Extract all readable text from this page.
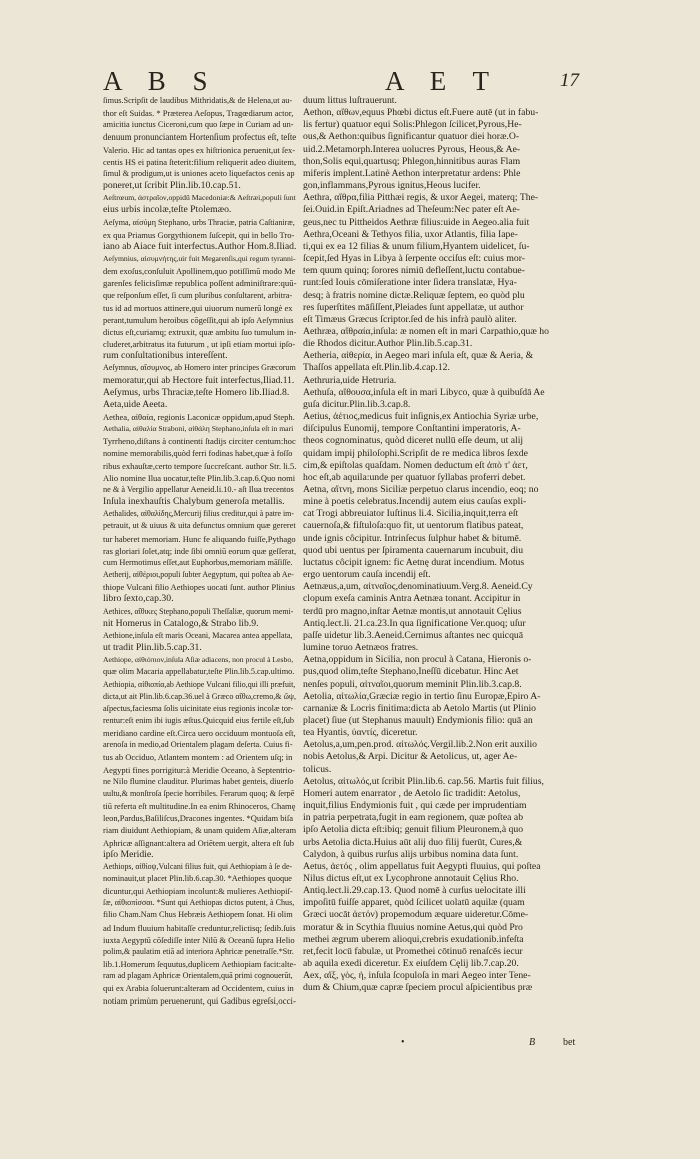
A B S	A E T	17

ſimus.Scripſit de laudibus Mithridatis,& de Helena,ut au-

thor eſt Suidas. * Præterea Aeſopus, Tragœdiarum actor,

amicitia iunctus Ciceroni,cum quo ſæpe in Curiam ad un-

denuum pronunciantem Hortenſium profectus eſt, teſte

Valerio. Hic ad tantas opes ex hiſtrionica peruenit,ut ſex-

centis HS ei patina ſteterit:filium reliquerit adeo diuitem,

ſimul & prodigum,ut is uniones aceto liquefactos cenis ap

poneret,ut ſcribit Plin.lib.10.cap.51.

Aeſtrœum, ἀστραῖον,oppidū Macedoniæ:& Aeſtræi,populi ſunt

eius urbis incolæ,teſte Ptolemæo.

Aeſyma, αἰσύμη Stephano, urbs Thraciæ, patria Caſtianiræ,

ex qua Priamus Gorgythionem ſuſcepit, qui in bello Tro-

iano ab Aiace fuit interfectus.Author Hom.8.Iliad.

Aeſymnius, αἰσυμνήτης,uir fuit Megarenſis,qui regum tyranni-

dem exoſus,conſuluit Apollinem,quo potiſſimū modo Me

garenſes felicisſimæ republica poſſent adminiſtrare:quū-

que reſponſum eſſet, ſi cum pluribus conſultarent, arbitra-

tus id ad mortuos attinere,qui uiuorum numerū longè ex

perant,tumulum heroibus cōgeſſit,qui ab ipſo Aeſymnius

dictus eſt,curiamq; extruxit, quæ ambitu ſuo tumulum in-

cluderet,arbitratus ita futurum , ut ipſi etiam mortui ipſo-

rum conſultationibus intereſſent.

Aeſymnus, αἴσυμνος, ab Homero inter principes Græcorum

memoratur,qui ab Hectore fuit interfectus,Iliad.11.

Aeſymus, urbs Thraciæ,teſte Homero lib.Iliad.8.

Aeta,uide Aeeta.

Aethea, αἰθαία, regionis Laconicæ oppidum,apud Steph.

Aethalia, αἰθαλία Straboni, αἰθάλη Stephano,inſula eſt in mari

Tyrrheno,diſtans à continenti ſtadijs circiter centum:hoc

nomine memorabilis,quòd ferri fodinas habet,quæ à foſſo

ribus exhauſtæ,certo tempore ſuccreſcant. author Str. li.5.

Alio nomine Ilua uocatur,teſte Plin.lib.3.cap.6.Quo nomi

ne & à Vergilio appellatur Aeneid.li.10.- aſt Ilua trecentos

Inſula inexhauſtis Chalybum generoſa metallis.

Aethalides, αἰθαλίδης,Mercurij filius creditur,qui à patre im-

petrauit, ut & uiuus & uita defunctus omnium quæ gereret

tur haberet memoriam. Hunc fe aliquando fuiſſe,Pythago

ras gloriari ſolet,atq; inde ſibi omniū eorum quæ geſſerat,

cum Hermotimus eſſet,aut Euphorbus,memoriam māſiſſe.

Aetherij, αἰθέριοι,populi ſubter Aegyptum, qui poſtea ab Ae-

thiope Vulcani filio Aethiopes uocati ſunt. author Plinius

libro ſexto,cap.30.

Aethices, αἴθικες Stephano,populi Theſſaliæ, quorum memi-

nit Homerus in Catalogo,& Strabo lib.9.

Aethione,inſula eſt maris Oceani, Macarea antea appellata,

ut tradit Plin.lib.5.cap.31.

Aethiope, αἰθιόπιον,inſula Aſiæ adiacens, non procul à Lesbo,

quæ olim Macaria appellabatur,teſte Plin.lib.5.cap.ultimo.

Aethiopia, αἰθιοπία,ab Aethiope Vulcani filio,qui illi præfuit,

dicta,ut ait Plin.lib.6.cap.36.uel à Græco αἴθω,cremo,& ὤψ,

aſpectus,faciesma ſolis uicinitate eius regionis incolæ tor-

rentur:eſt enim ibi iugis æſtus.Quicquid eius fertile eſt,ſub

meridiano cardine eſt.Circa uero occiduum montuoſa eſt,

arenoſa in medio,ad Orientalem plagam deſerta. Cuius fi-

tus ab Occiduo, Atlantem montem : ad Orientem uſq; in

Aegypti fines porrigitur:à Meridie Oceano, à Septentrio-

ne Nilo flumine clauditur. Plurimas habet genteis, diuerſo

uultu,& monſtroſa ſpecie horribiles. Ferarum quoq; & ſerpē

tiū referta eſt multitudine.In ea enim Rhinoceros, Chamę

leon,Pardus,Baſiliſcus,Dracones ingentes. *Quidam biſa

riam diuidunt Aethiopiam, & unam quidem Aſiæ,alteram

Aphricæ aſſignant:altera ad Oriētem uergit, altera eſt ſub

ipſo Meridie.

Aethiops, αἰθίοψ,Vulcani filius fuit, qui Aethiopiam à ſe de-

nominauit,ut placet Plin.lib.6.cap.30. *Aethiopes quoque

dicuntur,qui Aethiopiam incolunt:& mulieres Aethiopiſ-

ſæ, αἰθιοπίσσαι. *Sunt qui Aethiopas dictos putent, à Chus,

filio Cham.Nam Chus Hebræis Aethiopem ſonat. Hi olim

ad Indum fluuium habitaſſe creduntur,relictisq; ſedib.ſuis

iuxta Aegyptū cōſediſſe inter Nilū & Oceanū ſupra Helio

polim,& paulatim etiā ad interiora Aphricæ penetraſſe.*Str.

lib.1.Homerum ſequutus,duplicem Aethiopiam facit:alte-

ram ad plagam Aphricæ Orientalem,quā primi cognouerūt,

qui ex Arabia ſoluerunt:alteram ad Occidentem, cuius in

notiam primùm peruenerunt, qui Gadibus egreſsi,occi-

duum littus luſtrauerunt.

Aethon, αἴθων,equus Phœbi dictus eſt.Fuere autē (ut in fabu-

lis fertur) quatuor equi Solis:Phlegon ſcilicet,Pyrous,He-

ous,& Aethon:quibus ſignificantur quatuor diei horæ.O-

uid.2.Metamorph.Interea uolucres Pyrous, Heous,& Ae-

thon,Solis equi,quartusq; Phlegon,hinnitibus auras Flam

miferis implent.Latinè Aethon interpretatur ardens: Phle

gon,inflammans,Pyrous ignitus,Heous lucifer.

Aethra, αἴθρα,filia Pitthæi regis, & uxor Aegei, materq; The-

ſei.Ouid.in Epiſt.Ariadnes ad Theſeum:Nec pater eſt Ae-

geus,nec tu Pittheidos Aethræ filius:uide in Aegeo.alia fuit

Aethra,Oceani & Tethyos filia, uxor Atlantis, filia Iape-

ti,qui ex ea 12 filias & unum filium,Hyantem uidelicet, ſu-

ſcepit,ſed Hyas in Libya à ſerpente occiſus eſt: cuius mor-

tem quum quinq; ſorores nimiū defleſſent,luctu contabue-

runt:ſed Iouis cōmiſeratione inter ſidera translatæ, Hya-

desq; à fratris nomine dictæ.Reliquæ ſeptem, eo quòd plu

res ſuperſtites māſiſſent,Pleiades ſunt appellatæ, ut author

eſt Timæus Græcus ſcriptor.ſed de his infrà paulò aliter.

Aethræa, αἴθραία,inſula: æ nomen eſt in mari Carpathio,quæ ho

die Rhodos dicitur.Author Plin.lib.5.cap.31.

Aetheria, αἰθερία, in Aegeo mari inſula eſt, quæ & Aeria, &

Thaſſos appellata eſt.Plin.lib.4.cap.12.

Aethruria,uide Hetruria.

Aethuſa, αἴθουσα,inſula eſt in mari Libyco, quæ à quibuſdā Ae

guſa dicitur.Plin.lib.3.cap.8.

Aetius, ἀέτιος,medicus fuit inſignis,ex Antiochia Syriæ urbe,

diſcipulus Eunomij, tempore Conſtantini imperatoris, A-

theos cognominatus, quòd diceret nullū eſſe deum, ut alij

quidam impij philoſophi.Scripſit de re medica libros ſexde

cim,& epiſtolas quaſdam. Nomen deductum eſt ἀπὸ τ' ἀετ,

hoc eſt,ab aquila:unde per quatuor ſyllabas proferri debet.

Aetna, αἴτνη, mons Siciliæ perpetuo clarus incendio, eoq; no

mine à poetis celebratus.Incendij autem eius cauſas expli-

cat Trogi abbreuiator Iuſtinus li.4. Sicilia,inquit,terra eſt

cauernoſa,& fiſtuloſa:quo fit, ut uentorum flatibus pateat,

unde ignis côcipitur. Intrinſecus ſulphur habet & bitumē.

quod ubi uentus per ſpiramenta cauernarum incubuit, diu

luctatus côcipit ignem: fic Aetnę durat incendium. Motus

ergo uentorum cauſa incendij eſt.

Aetnæus,a,um, αἰτναῖος,denominatiuum.Verg.8. Aeneid.Cy

clopum exeſa caminis Antra Aetnæa tonant. Accipitur in

terdū pro magno,inſtar Aetnæ montis,ut annotauit Cęlius

Antiq.lect.li. 21.ca.23.In qua ſignificatione Ver.quoq; uſur

paſſe uidetur lib.3.Aeneid.Cernimus aſtantes nec quicquā

lumine toruo Aetnæos fratres.

Aetna,oppidum in Sicilia, non procul à Catana, Hieronis o-

pus,quod olim,teſte Stephano,Ineſſū dicebatur. Hinc Aet

nenſes populi, αἰτναῖοι,quorum meminit Plin.lib.3.cap.8.

Aetolia, αἰτωλία,Græciæ regio in tertio ſinu Europæ,Epiro A-

carnaniæ & Locris finitima:dicta ab Aetolo Martis (ut Plinio

placet) ſiue (ut Stephanus mauult) Endymionis filio: quā an

tea Hyantis, ὑαντίς, diceretur.

Aetolus,a,um,pen.prod. αἰτωλός.Vergil.lib.2.Non erit auxilio

nobis Aetolus,& Arpi. Dicitur & Aetolicus, ut, ager Ae-

tolicus.

Aetolus, αἰτωλός,ut ſcribit Plin.lib.6. cap.56. Martis fuit filius,

Homeri autem enarrator , de Aetolo ſic tradidit: Aetolus,

inquit,filius Endymionis fuit , qui cæde per imprudentiam

in patria perpetrata,fugit in eam regionem, quæ poſtea ab

ipſo Aetolia dicta eſt:ibiq; genuit filium Pleuronem,à quo

urbs Aetolia dicta.Huius aūt alij duo filij fuerūt, Cures,&

Calydon, à quibus rurſus alijs urbibus nomina data ſunt.

Aetus, ἀετός , olim appellatus fuit Aegypti fluuius, qui poſtea

Nilus dictus eſt,ut ex Lycophrone annotauit Cęlius Rho.

Antiq.lect.li.29.cap.13. Quod nomē à curſus uelocitate illi

impoſitū fuiſſe apparet, quòd ſcilicet uolatū aquilæ (quam

Græci uocāt ἀετόν) propemodum æquare uideretur.Cōme-

moratur & in Scythia fluuius nomine Aetus,qui quòd Pro

methei ægrum uberem alioqui,crebris exudationib.infeſta

ret,fecit locū fabulæ, ut Promethei cōtinuō renaſcēs iecur

ab aquila exedi diceretur. Ex eiuſdem Cęlij lib.7.cap.20.

Aex, αἴξ, γὸς, ἡ, inſula ſcopuloſa in mari Aegeo inter Tene-

dum & Chium,quæ capræ ſpeciem procul aſpicientibus præ

•	B	bet
